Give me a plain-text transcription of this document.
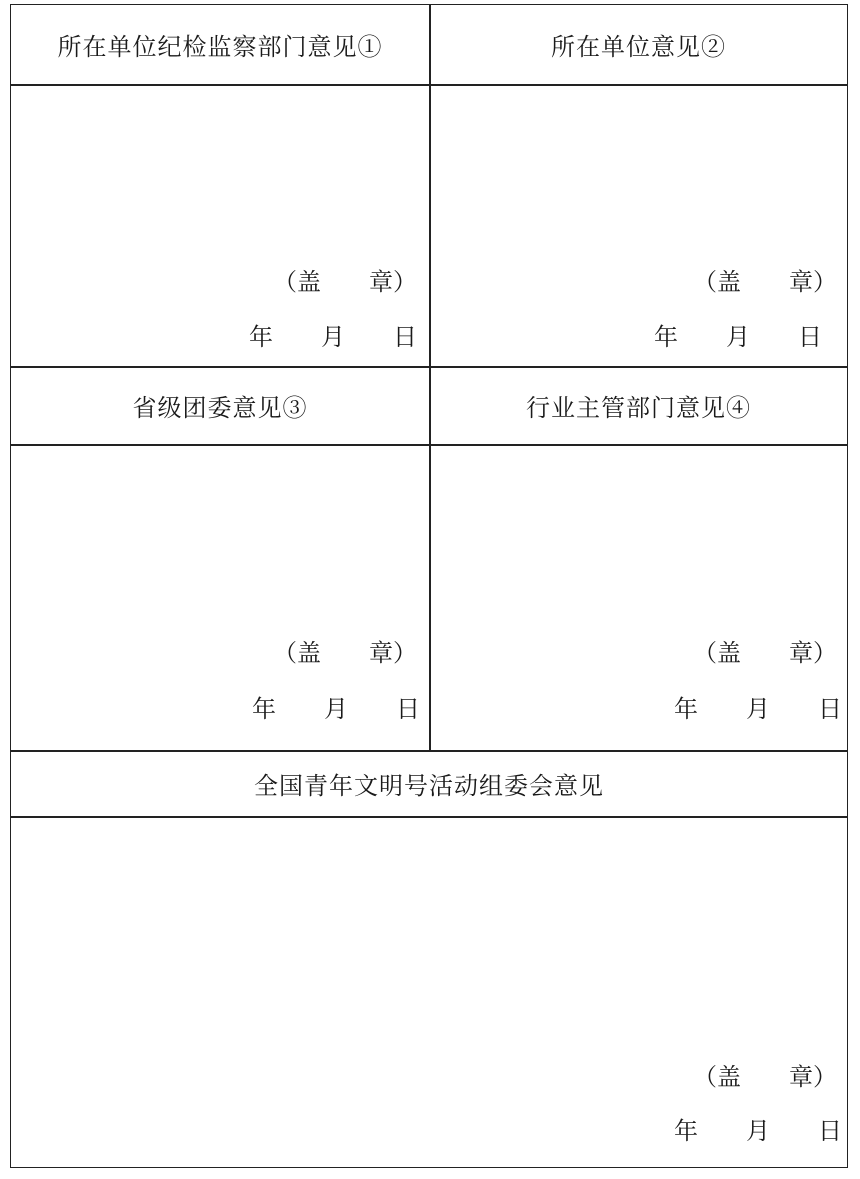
所在单位纪检监察部门意见①	所在单位意见②
（盖　　章）
年　　月　　日
（盖　　章）
年　　月　　日
省级团委意见③	行业主管部门意见④
（盖　　章）
年　　月　　日
（盖　　章）
年　　月　　日
全国青年文明号活动组委会意见
（盖　　章）
年　　月　　日
